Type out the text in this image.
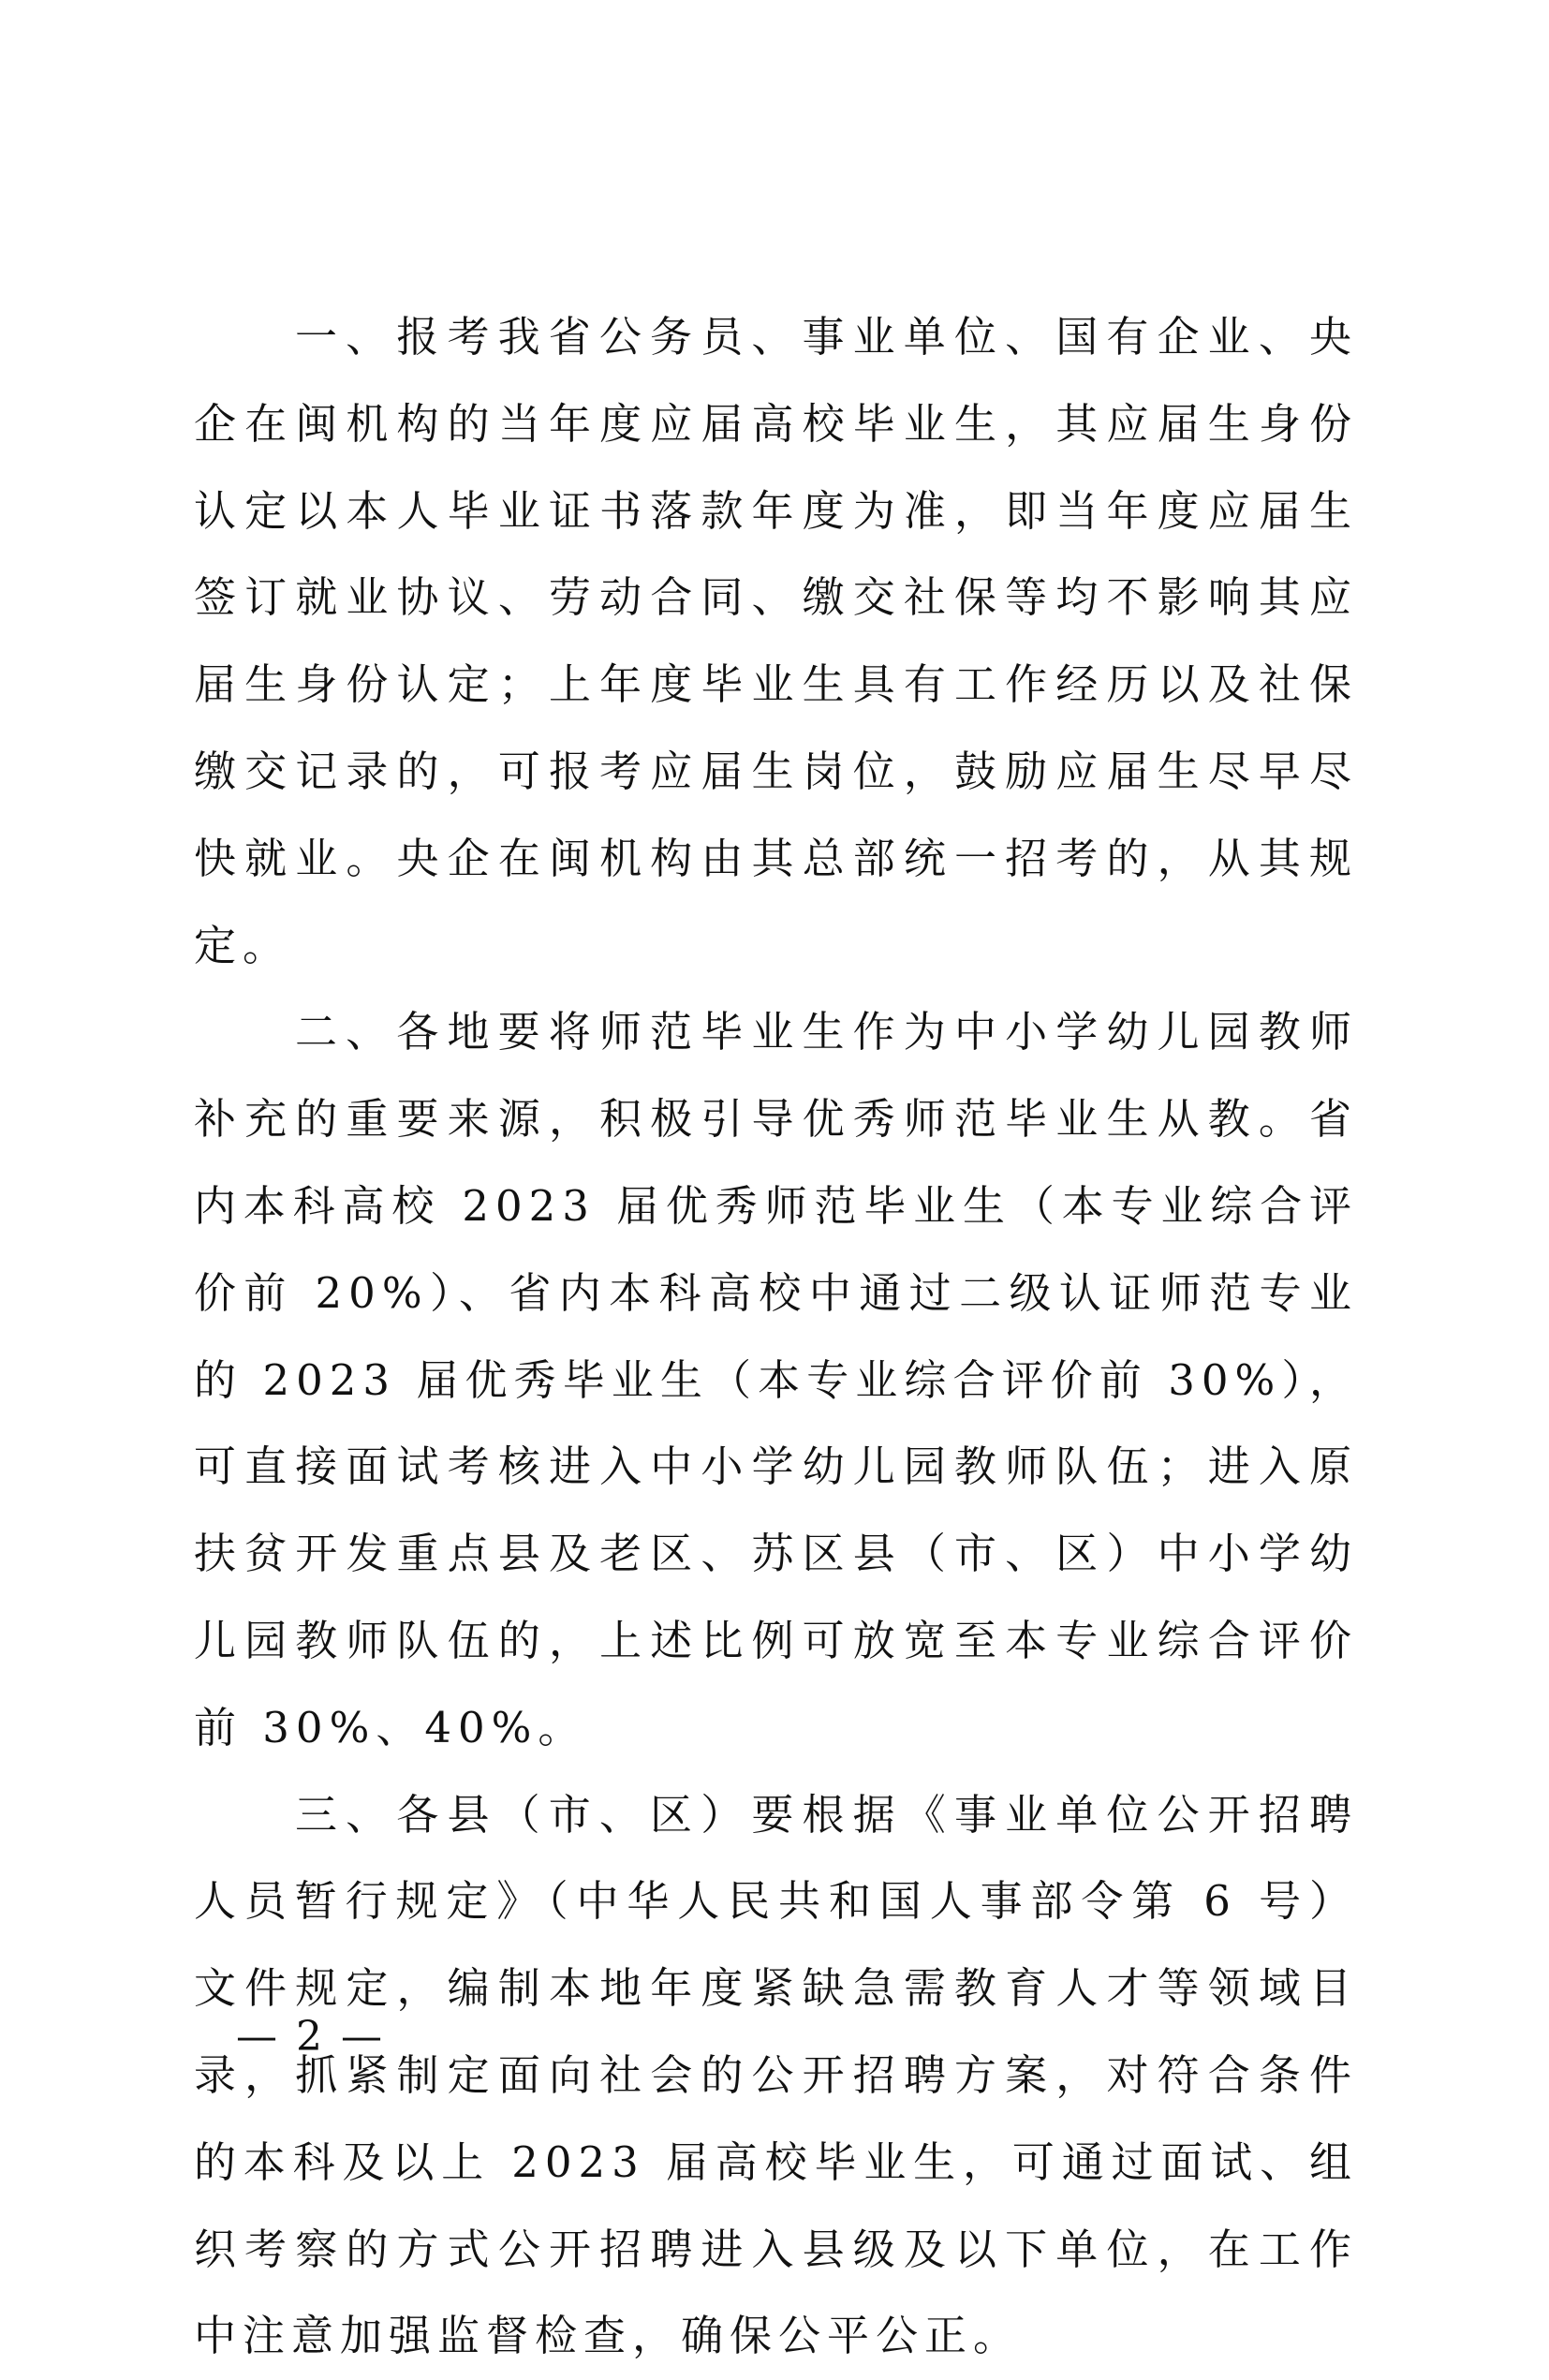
一、报考我省公务员、事业单位、国有企业、央企在闽机构的当年度应届高校毕业生，其应届生身份认定以本人毕业证书落款年度为准，即当年度应届生签订就业协议、劳动合同、缴交社保等均不影响其应届生身份认定；上年度毕业生具有工作经历以及社保缴交记录的，可报考应届生岗位，鼓励应届生尽早尽快就业。央企在闽机构由其总部统一招考的，从其规定。

二、各地要将师范毕业生作为中小学幼儿园教师补充的重要来源，积极引导优秀师范毕业生从教。省内本科高校 2023 届优秀师范毕业生（本专业综合评价前 20%）、省内本科高校中通过二级认证师范专业的 2023 届优秀毕业生（本专业综合评价前 30%），可直接面试考核进入中小学幼儿园教师队伍；进入原扶贫开发重点县及老区、苏区县（市、区）中小学幼儿园教师队伍的，上述比例可放宽至本专业综合评价前 30%、40%。

三、各县（市、区）要根据《事业单位公开招聘人员暂行规定》（中华人民共和国人事部令第 6 号）文件规定，编制本地年度紧缺急需教育人才等领域目录，抓紧制定面向社会的公开招聘方案，对符合条件的本科及以上 2023 届高校毕业生，可通过面试、组织考察的方式公开招聘进入县级及以下单位，在工作中注意加强监督检查，确保公平公正。

— 2 —
